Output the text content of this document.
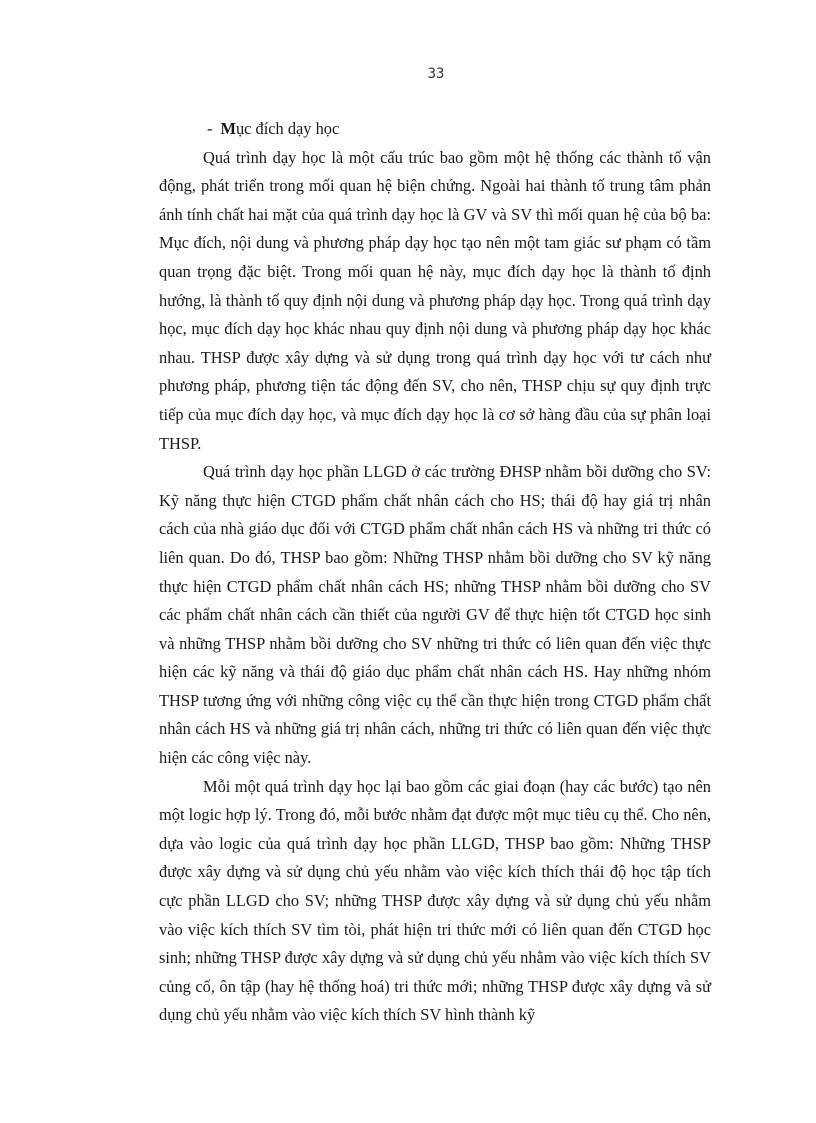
33

- Mục đích dạy học

Quá trình dạy học là một cấu trúc bao gồm một hệ thống các thành tố vận động, phát triển trong mối quan hệ biện chứng. Ngoài hai thành tố trung tâm phản ánh tính chất hai mặt của quá trình dạy học là GV và SV thì mối quan hệ của bộ ba: Mục đích, nội dung và phương pháp dạy học tạo nên một tam giác sư phạm có tầm quan trọng đặc biệt. Trong mối quan hệ này, mục đích dạy học là thành tố định hướng, là thành tố quy định nội dung và phương pháp dạy học. Trong quá trình dạy học, mục đích dạy học khác nhau quy định nội dung và phương pháp dạy học khác nhau. THSP được xây dựng và sử dụng trong quá trình dạy học với tư cách như phương pháp, phương tiện tác động đến SV, cho nên, THSP chịu sự quy định trực tiếp của mục đích dạy học, và mục đích dạy học là cơ sở hàng đầu của sự phân loại THSP.

Quá trình dạy học phần LLGD ở các trường ĐHSP nhằm bồi dưỡng cho SV: Kỹ năng thực hiện CTGD phẩm chất nhân cách cho HS; thái độ hay giá trị nhân cách của nhà giáo dục đối với CTGD phẩm chất nhân cách HS và những tri thức có liên quan. Do đó, THSP bao gồm: Những THSP nhằm bồi dưỡng cho SV kỹ năng thực hiện CTGD phẩm chất nhân cách HS; những THSP nhằm bồi dưỡng cho SV các phẩm chất nhân cách cần thiết của người GV để thực hiện tốt CTGD học sinh và những THSP nhằm bồi dưỡng cho SV những tri thức có liên quan đến việc thực hiện các kỹ năng và thái độ giáo dục phẩm chất nhân cách HS. Hay những nhóm THSP tương ứng với những công việc cụ thể cần thực hiện trong CTGD phẩm chất nhân cách HS và những giá trị nhân cách, những tri thức có liên quan đến việc thực hiện các công việc này.

Mỗi một quá trình dạy học lại bao gồm các giai đoạn (hay các bước) tạo nên một logic hợp lý. Trong đó, mỗi bước nhằm đạt được một mục tiêu cụ thể. Cho nên, dựa vào logic của quá trình dạy học phần LLGD, THSP bao gồm: Những THSP được xây dựng và sử dụng chủ yếu nhằm vào việc kích thích thái độ học tập tích cực phần LLGD cho SV; những THSP được xây dựng và sử dụng chủ yếu nhằm vào việc kích thích SV tìm tòi, phát hiện tri thức mới có liên quan đến CTGD học sinh; những THSP được xây dựng và sử dụng chủ yếu nhằm vào việc kích thích SV củng cố, ôn tập (hay hệ thống hoá) tri thức mới; những THSP được xây dựng và sử dụng chủ yếu nhằm vào việc kích thích SV hình thành kỹ
